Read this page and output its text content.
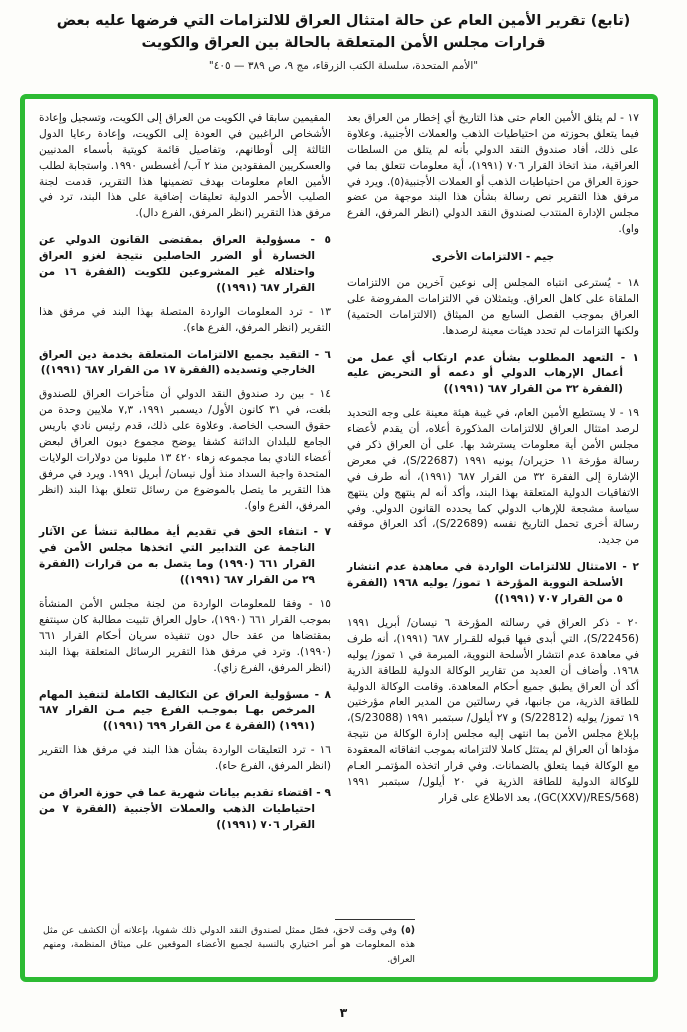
(تابع) تقرير الأمين العام عن حالة امتثال العراق للالتزامات التي فرضها عليه بعض
قرارات مجلس الأمن المتعلقة بالحالة بين العراق والكويت
"الأمم المتحدة، سلسلة الكتب الزرقاء، مج ٩، ص ٣٨٩ — ٤٠٥"
١٧ - لم يتلق الأمين العام حتى هذا التاريخ أي إخطار من العراق بعد فيما يتعلق بحوزته من احتياطيات الذهب والعملات الأجنبية. وعلاوة على ذلك، أفاد صندوق النقد الدولي بأنه لم يتلق من السلطات العراقية، منذ اتخاذ القرار ٧٠٦ (١٩٩١)، أية معلومات تتعلق بما في حوزة العراق من احتياطيات الذهب أو العملات الأجنبية(٥). ويرد في مرفق هذا التقرير نص رسالة بشأن هذا البند موجهة من عضو مجلس الإدارة المنتدب لصندوق النقد الدولي (انظر المرفق، الفرع واو).
جيم - الالتزامات الأخرى
١٨ - يُسترعى انتباه المجلس إلى نوعين آخرين من الالتزامات الملقاة على كاهل العراق. ويتمثلان في الالتزامات المفروضة على العراق بموجب الفصل السابع من الميثاق (الالتزامات الحتمية) ولكنها التزامات لم تحدد هيئات معينة لرصدها.
١ - التعهد المطلوب بشأن عدم ارتكاب أي عمل من أعمال الإرهاب الدولي أو دعمه أو التحريض عليه (الفقرة ٣٢ من القرار ٦٨٧ (١٩٩١))
١٩ - لا يستطيع الأمين العام، في غيبة هيئة معينة على وجه التحديد لرصد امتثال العراق للالتزامات المذكورة أعلاه، أن يقدم لأعضاء مجلس الأمن أية معلومات يسترشد بها. على أن العراق ذكر في رسالة مؤرخة ١١ حزيران/ يونيه ١٩٩١ (S/22687)، في معرض الإشارة إلى الفقرة ٣٢ من القرار ٦٨٧ (١٩٩١)، أنه طرف في الاتفاقيات الدولية المتعلقة بهذا البند، وأكد أنه لم ينتهج ولن ينتهج سياسة مشجعة للإرهاب الدولي كما يحدده القانون الدولي. وفي رسالة أخرى تحمل التاريخ نفسه (S/22689)، أكد العراق موقفه من جديد.
٢ - الامتثال للالتزامات الواردة في معاهدة عدم انتشار الأسلحة النووية المؤرخة ١ تموز/ يوليه ١٩٦٨ (الفقرة ٥ من القرار ٧٠٧ (١٩٩١))
٢٠ - ذكر العراق في رسالته المؤرخة ٦ نيسان/ أبريل ١٩٩١ (S/22456)، التي أبدى فيها قبوله للقـرار ٦٨٧ (١٩٩١)، أنه طرف في معاهدة عدم انتشار الأسلحة النووية، المبرمة في ١ تموز/ يوليه ١٩٦٨. وأضاف أن العديد من تقارير الوكالة الدولية للطاقة الذرية أكد أن العراق يطبق جميع أحكام المعاهدة. وقامت الوكالة الدولية للطاقة الذرية، من جانبها، في رسالتين من المدير العام مؤرختين ١٩ تموز/ يوليه (S/22812) و ٢٧ أيلول/ سبتمبر ١٩٩١ (S/23088)، بإبلاغ مجلس الأمن بما انتهى إليه مجلس إدارة الوكالة من نتيجة مؤداها أن العراق لم يمتثل كاملا لالتزاماته بموجب اتفاقاته المعقودة مع الوكالة فيما يتعلق بالضمانات. وفي قرار اتخذه المؤتمـر العـام للوكالة الدولية للطاقة الذرية في ٢٠ أيلول/ سبتمبر ١٩٩١ (GC(XXV)/RES/568)، بعد الاطلاع على قرار
المقيمين سابقا في الكويت من العراق إلى الكويت، وتسجيل وإعادة الأشخاص الراغبين في العودة إلى الكويت، وإعادة رعايا الدول الثالثة إلى أوطانهم، وتفاصيل قائمة كويتية بأسماء المدنيين والعسكريين المفقودين منذ ٢ آب/ أغسطس ١٩٩٠. واستجابة لطلب الأمين العام معلومات بهدف تضمينها هذا التقرير، قدمت لجنة الصليب الأحمر الدولية تعليقات إضافية على هذا البند، ترد في مرفق هذا التقرير (انظر المرفق، الفرع دال).
٥ - مسؤولية العراق بمقتضى القانون الدولي عن الخسارة أو الضرر الحاصلين نتيجة لغزو العراق واحتلاله غير المشروعين للكويت (الفقرة ١٦ من القرار ٦٨٧ (١٩٩١))
١٣ - ترد المعلومات الواردة المتصلة بهذا البند في مرفق هذا التقرير (انظر المرفق، الفرع هاء).
٦ - التقيد بجميع الالتزامات المتعلقة بخدمة دين العراق الخارجي وتسديده (الفقرة ١٧ من القرار ٦٨٧ (١٩٩١))
١٤ - بين رد صندوق النقد الدولي أن متأخرات العراق للصندوق بلغت، في ٣١ كانون الأول/ ديسمبر ١٩٩١، ٧,٣ ملايين وحدة من حقوق السحب الخاصة. وعلاوة على ذلك، قدم رئيس نادي باريس الجامع للبلدان الدائنة كشفا يوضح مجموع ديون العراق لبعض أعضاء النادي بما مجموعه زهاء ٤٢٠ ١٣ مليونا من دولارات الولايات المتحدة واجبة السداد منذ أول نيسان/ أبريل ١٩٩١. ويرد في مرفق هذا التقرير ما يتصل بالموضوع من رسائل تتعلق بهذا البند (انظر المرفق، الفرع واو).
٧ - انتفاء الحق في تقديم أية مطالبة تنشأ عن الآثار الناجمة عن التدابير التي اتخذها مجلس الأمن في القرار ٦٦١ (١٩٩٠) وما يتصل به من قرارات (الفقرة ٢٩ من القرار ٦٨٧ (١٩٩١))
١٥ - وفقا للمعلومات الواردة من لجنة مجلس الأمن المنشأة بموجب القرار ٦٦١ (١٩٩٠)، حاول العراق تثبيت مطالبة كان سينتفع بمقتضاها من عقد حال دون تنفيذه سريان أحكام القرار ٦٦١ (١٩٩٠). وترد في مرفق هذا التقرير الرسائل المتعلقة بهذا البند (انظر المرفق، الفرع زاي).
٨ - مسؤولية العراق عن التكاليف الكاملة لتنفيذ المهام المرخص بهـا بموجـب الفرع جيم مـن القرار ٦٨٧ (١٩٩١) (الفقرة ٤ من القرار ٦٩٩ (١٩٩١))
١٦ - ترد التعليقات الواردة بشأن هذا البند في مرفق هذا التقرير (انظر المرفق، الفرع حاء).
٩ - اقتضاء تقديم بيانات شهرية عما في حوزة العراق من احتياطيات الذهب والعملات الأجنبية (الفقرة ٧ من القرار ٧٠٦ (١٩٩١))
(٥) وفي وقت لاحق، فصّل ممثل لصندوق النقد الدولي ذلك شفويا، بإعلانه أن الكشف عن مثل هذه المعلومات هو أمر اختياري بالنسبة لجميع الأعضاء الموقعين على ميثاق المنظمة، ومنهم العراق.
٣
